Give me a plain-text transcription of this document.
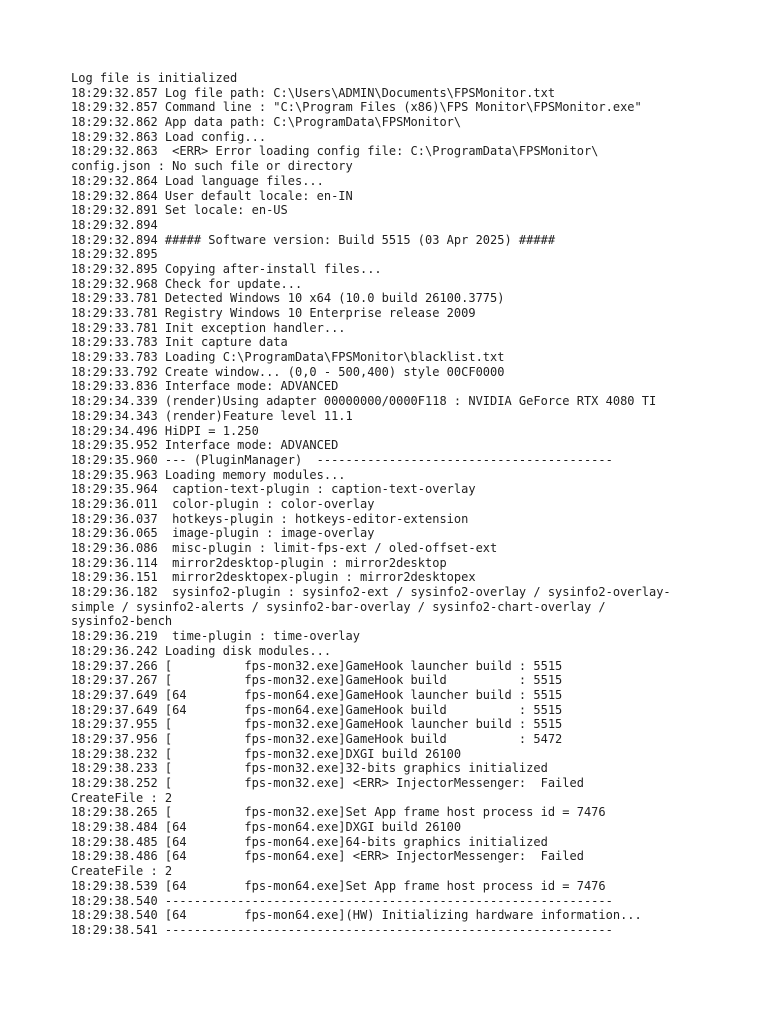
Log file is initialized
18:29:32.857 Log file path: C:\Users\ADMIN\Documents\FPSMonitor.txt
18:29:32.857 Command line : "C:\Program Files (x86)\FPS Monitor\FPSMonitor.exe"
18:29:32.862 App data path: C:\ProgramData\FPSMonitor\
18:29:32.863 Load config...
18:29:32.863  <ERR> Error loading config file: C:\ProgramData\FPSMonitor\
config.json : No such file or directory
18:29:32.864 Load language files...
18:29:32.864 User default locale: en-IN
18:29:32.891 Set locale: en-US
18:29:32.894
18:29:32.894 ##### Software version: Build 5515 (03 Apr 2025) #####
18:29:32.895
18:29:32.895 Copying after-install files...
18:29:32.968 Check for update...
18:29:33.781 Detected Windows 10 x64 (10.0 build 26100.3775)
18:29:33.781 Registry Windows 10 Enterprise release 2009
18:29:33.781 Init exception handler...
18:29:33.783 Init capture data
18:29:33.783 Loading C:\ProgramData\FPSMonitor\blacklist.txt
18:29:33.792 Create window... (0,0 - 500,400) style 00CF0000
18:29:33.836 Interface mode: ADVANCED
18:29:34.339 (render)Using adapter 00000000/0000F118 : NVIDIA GeForce RTX 4080 TI
18:29:34.343 (render)Feature level 11.1
18:29:34.496 HiDPI = 1.250
18:29:35.952 Interface mode: ADVANCED
18:29:35.960 --- (PluginManager)  -----------------------------------------
18:29:35.963 Loading memory modules...
18:29:35.964  caption-text-plugin : caption-text-overlay
18:29:36.011  color-plugin : color-overlay
18:29:36.037  hotkeys-plugin : hotkeys-editor-extension
18:29:36.065  image-plugin : image-overlay
18:29:36.086  misc-plugin : limit-fps-ext / oled-offset-ext
18:29:36.114  mirror2desktop-plugin : mirror2desktop
18:29:36.151  mirror2desktopex-plugin : mirror2desktopex
18:29:36.182  sysinfo2-plugin : sysinfo2-ext / sysinfo2-overlay / sysinfo2-overlay-
simple / sysinfo2-alerts / sysinfo2-bar-overlay / sysinfo2-chart-overlay /
sysinfo2-bench
18:29:36.219  time-plugin : time-overlay
18:29:36.242 Loading disk modules...
18:29:37.266 [          fps-mon32.exe]GameHook launcher build : 5515
18:29:37.267 [          fps-mon32.exe]GameHook build          : 5515
18:29:37.649 [64        fps-mon64.exe]GameHook launcher build : 5515
18:29:37.649 [64        fps-mon64.exe]GameHook build          : 5515
18:29:37.955 [          fps-mon32.exe]GameHook launcher build : 5515
18:29:37.956 [          fps-mon32.exe]GameHook build          : 5472
18:29:38.232 [          fps-mon32.exe]DXGI build 26100
18:29:38.233 [          fps-mon32.exe]32-bits graphics initialized
18:29:38.252 [          fps-mon32.exe] <ERR> InjectorMessenger:  Failed
CreateFile : 2
18:29:38.265 [          fps-mon32.exe]Set App frame host process id = 7476
18:29:38.484 [64        fps-mon64.exe]DXGI build 26100
18:29:38.485 [64        fps-mon64.exe]64-bits graphics initialized
18:29:38.486 [64        fps-mon64.exe] <ERR> InjectorMessenger:  Failed
CreateFile : 2
18:29:38.539 [64        fps-mon64.exe]Set App frame host process id = 7476
18:29:38.540 --------------------------------------------------------------
18:29:38.540 [64        fps-mon64.exe](HW) Initializing hardware information...
18:29:38.541 --------------------------------------------------------------
